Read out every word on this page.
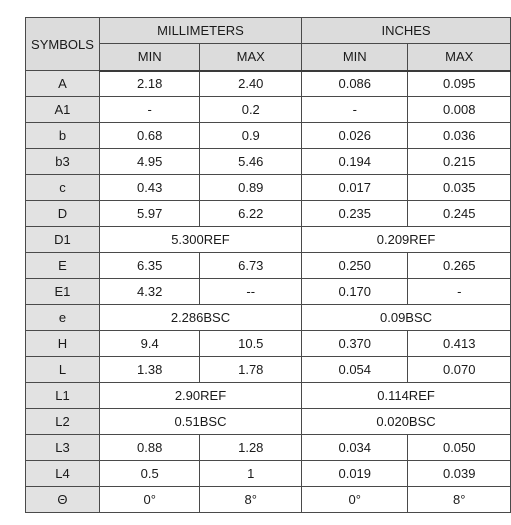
SYMBOLS	MILLIMETERS		INCHES	
	MIN	MAX	MIN	MAX
A	2.18	2.40	0.086	0.095
A1	-	0.2	-	0.008
b	0.68	0.9	0.026	0.036
b3	4.95	5.46	0.194	0.215
c	0.43	0.89	0.017	0.035
D	5.97	6.22	0.235	0.245
D1	5.300REF		0.209REF	
E	6.35	6.73	0.250	0.265
E1	4.32	--	0.170	-
e	2.286BSC		0.09BSC	
H	9.4	10.5	0.370	0.413
L	1.38	1.78	0.054	0.070
L1	2.90REF		0.114REF	
L2	0.51BSC		0.020BSC	
L3	0.88	1.28	0.034	0.050
L4	0.5	1	0.019	0.039
Θ	0°	8°	0°	8°
